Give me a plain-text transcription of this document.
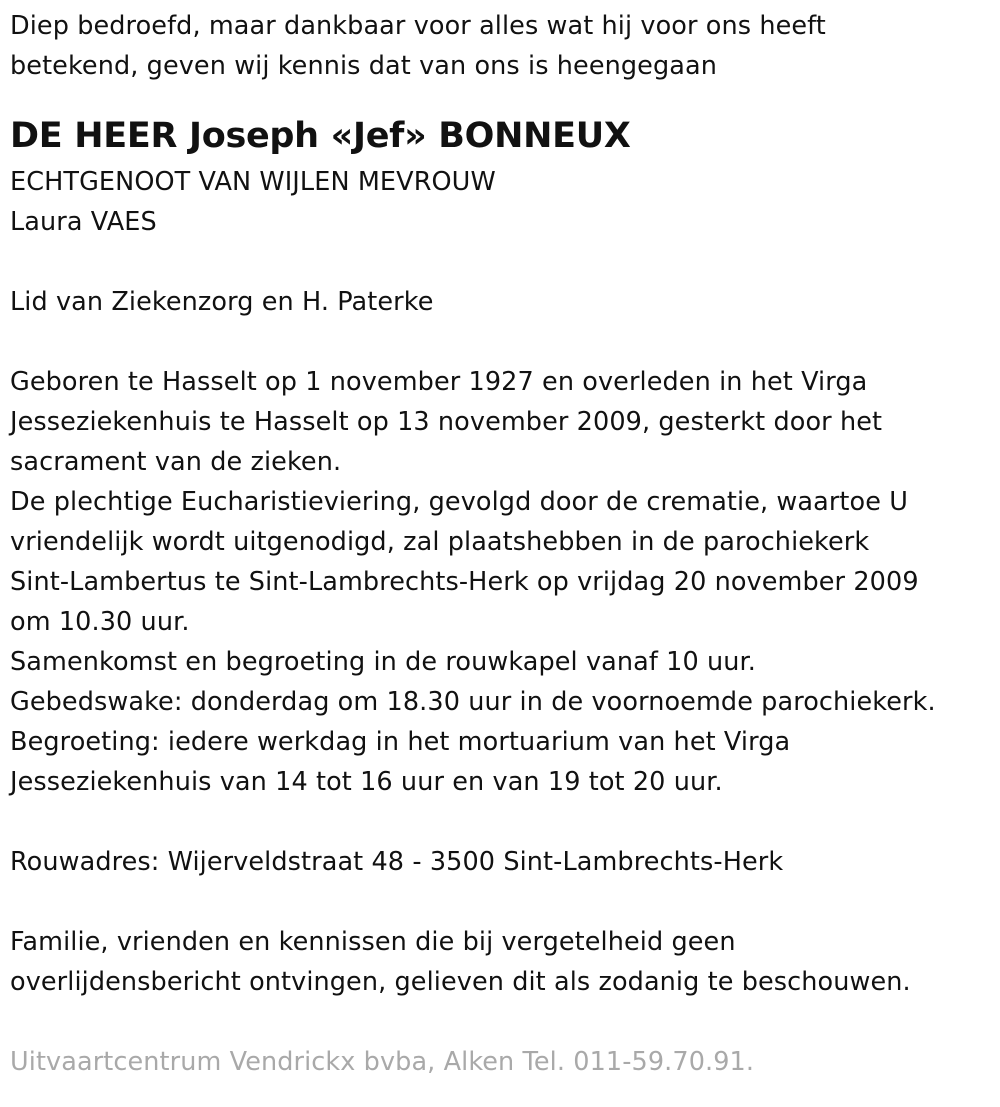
Diep bedroefd, maar dankbaar voor alles wat hij voor ons heeft
betekend, geven wij kennis dat van ons is heengegaan
DE HEER Joseph «Jef» BONNEUX
ECHTGENOOT VAN WIJLEN MEVROUW
Laura VAES
Lid van Ziekenzorg en H. Paterke
Geboren te Hasselt op 1 november 1927 en overleden in het Virga
Jesseziekenhuis te Hasselt op 13 november 2009, gesterkt door het
sacrament van de zieken.
De plechtige Eucharistieviering, gevolgd door de crematie, waartoe U
vriendelijk wordt uitgenodigd, zal plaatshebben in de parochiekerk
Sint-Lambertus te Sint-Lambrechts-Herk op vrijdag 20 november 2009
om 10.30 uur.
Samenkomst en begroeting in de rouwkapel vanaf 10 uur.
Gebedswake: donderdag om 18.30 uur in de voornoemde parochiekerk.
Begroeting: iedere werkdag in het mortuarium van het Virga
Jesseziekenhuis van 14 tot 16 uur en van 19 tot 20 uur.
Rouwadres: Wijerveldstraat 48 - 3500 Sint-Lambrechts-Herk
Familie, vrienden en kennissen die bij vergetelheid geen
overlijdensbericht ontvingen, gelieven dit als zodanig te beschouwen.
Uitvaartcentrum Vendrickx bvba, Alken Tel. 011-59.70.91.
